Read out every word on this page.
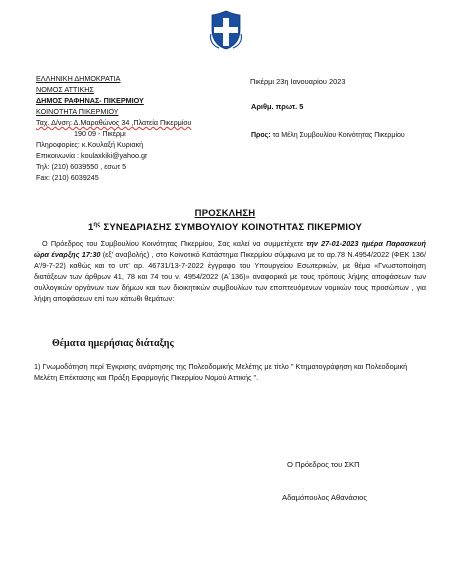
ΕΛΛΗΝΙΚΗ ΔΗΜΟΚΡΑΤΙΑ
ΝΟΜΟΣ ΑΤΤΙΚΗΣ
ΔΗΜΟΣ ΡΑΦΗΝΑΣ- ΠΙΚΕΡΜΙΟΥ
ΚΟΙΝΟΤΗΤΑ ΠΙΚΕΡΜΙΟΥ
Ταχ. Δ/νση: Δ.Μαραθώνος 34 ,Πλατεία Πικερμίου
190 09 - Πικέρμι
Πληροφορίες: κ.Κουλαξή Κυριακή
Επικοινωνία : koulaxkiki@yahoo.gr
Τηλ: (210) 6039550 , εσωτ 5
Fax: (210) 6039245
Πικέρμι 23η Ιανουαρίου 2023
Αριθμ. πρωτ. 5
Προς: τα Μέλη Συμβουλίου Κοινότητας Πικερμίου
ΠΡΟΣΚΛΗΣΗ
$1^{\eta\varsigma}$ ΣΥΝΕΔΡΙΑΣΗΣ ΣΥΜΒΟΥΛΙΟΥ ΚΟΙΝΟΤΗΤΑΣ ΠΙΚΕΡΜΙΟΥ
Ο Πρόεδρος του Συμβουλίου Κοινότητας Πικερμίου, Σας καλεί να συμμετέχετε την 27-01-2023 ημέρα Παρασκευή ώρα έναρξης 17:30 (εξ' αναβολής) , στο Κοινοτικό Κατάστημα Πικερμίου σύμφωνα με το αρ.78 Ν.4954/2022 (ΦΕΚ 136/Α'/9-7-22) καθώς και το υπ' αρ. 46731/13-7-2022 έγγραφο του Υπουργείου Εσωτερικών, με θέμα «Γνωστοποίηση διατάξεων των άρθρων 41, 78 και 74 του ν. 4954/2022 (Α΄136)» αναφορικά με τους τρόπους λήψης αποφάσεων των συλλογικών οργάνων των δήμων και των διοικητικών συμβουλίων των εποπτευόμενων νομικών τους προσώπων , για λήψη αποφάσεων επί των κάτωθι θεμάτων:
Θέματα ημερήσιας διάταξης
1) Γνωμοδότηση περί Έγκρισης ανάρτησης της Πολεοδομικής Μελέτης με τίτλο " Κτηματογράφηση και Πολεοδομική Μελέτη Επέκτασης και Πράξη Εφαρμογής Πικερμίου Νομού Αττικής ".
Ο Πρόεδρος του ΣΚΠ
Αδαμόπουλος Αθανάσιος
